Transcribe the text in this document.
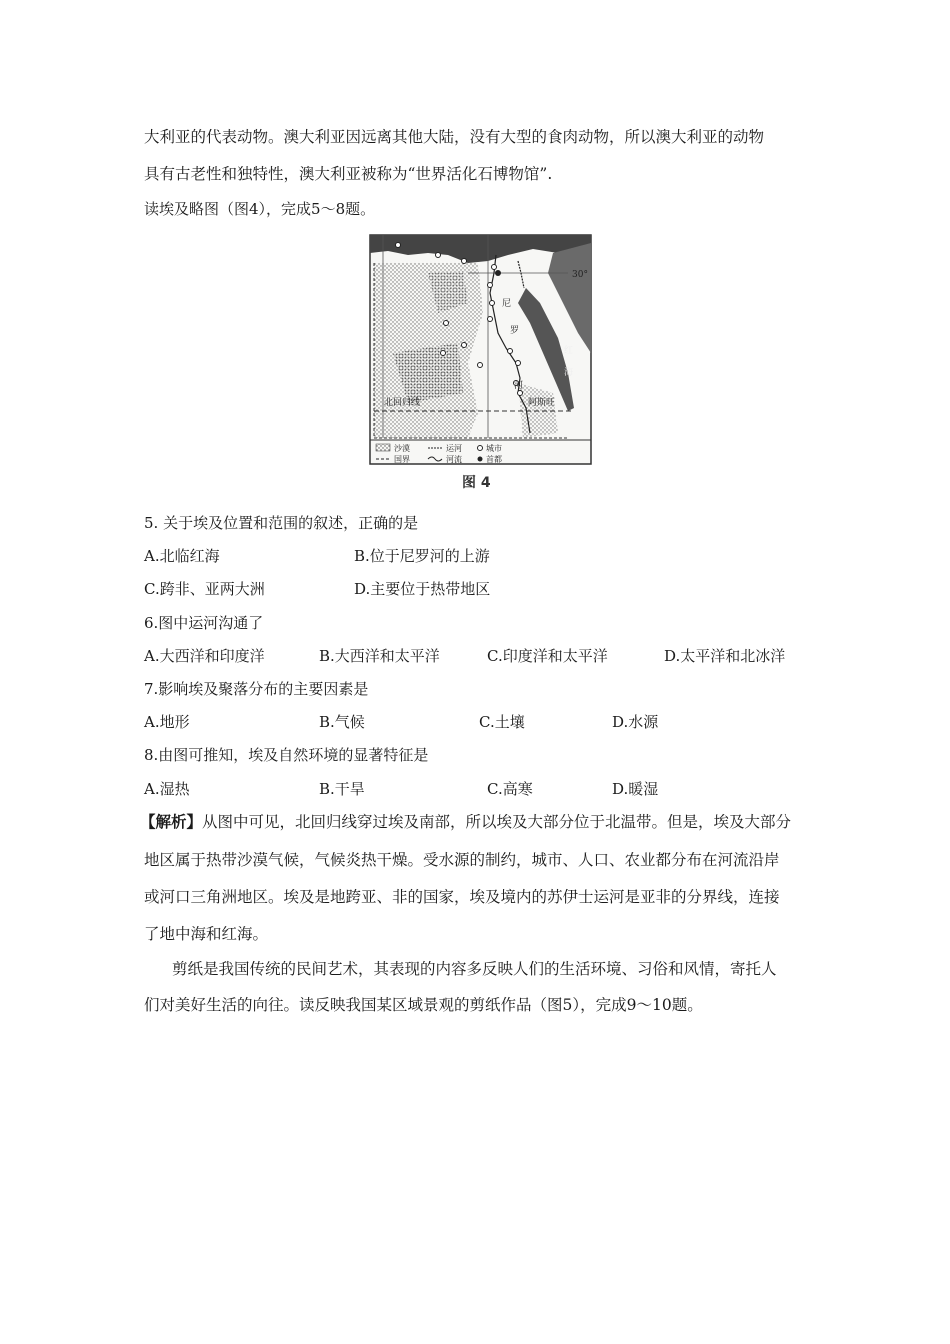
大利亚的代表动物。澳大利亚因远离其他大陆，没有大型的食肉动物，所以澳大利亚的动物
具有古老性和独特性，澳大利亚被称为“世界活化石博物馆”.
读埃及略图（图4），完成5～8题。
30°
北回归线
尼
罗
河
红
海
阿斯旺
沙漠	运河	城市
国界	河流	首都
图 4
5. 关于埃及位置和范围的叙述，正确的是
A.北临红海	B.位于尼罗河的上游
C.跨非、亚两大洲	D.主要位于热带地区
6.图中运河沟通了
A.大西洋和印度洋	B.大西洋和太平洋	C.印度洋和太平洋	D.太平洋和北冰洋
7.影响埃及聚落分布的主要因素是
A.地形	B.气候	C.土壤	D.水源
8.由图可推知，埃及自然环境的显著特征是
A.湿热	B.干旱	C.高寒	D.暖湿
【解析】从图中可见，北回归线穿过埃及南部，所以埃及大部分位于北温带。但是，埃及大部分
地区属于热带沙漠气候，气候炎热干燥。受水源的制约，城市、人口、农业都分布在河流沿岸
或河口三角洲地区。埃及是地跨亚、非的国家，埃及境内的苏伊士运河是亚非的分界线，连接
了地中海和红海。
剪纸是我国传统的民间艺术，其表现的内容多反映人们的生活环境、习俗和风情，寄托人
们对美好生活的向往。读反映我国某区域景观的剪纸作品（图5），完成9～10题。
